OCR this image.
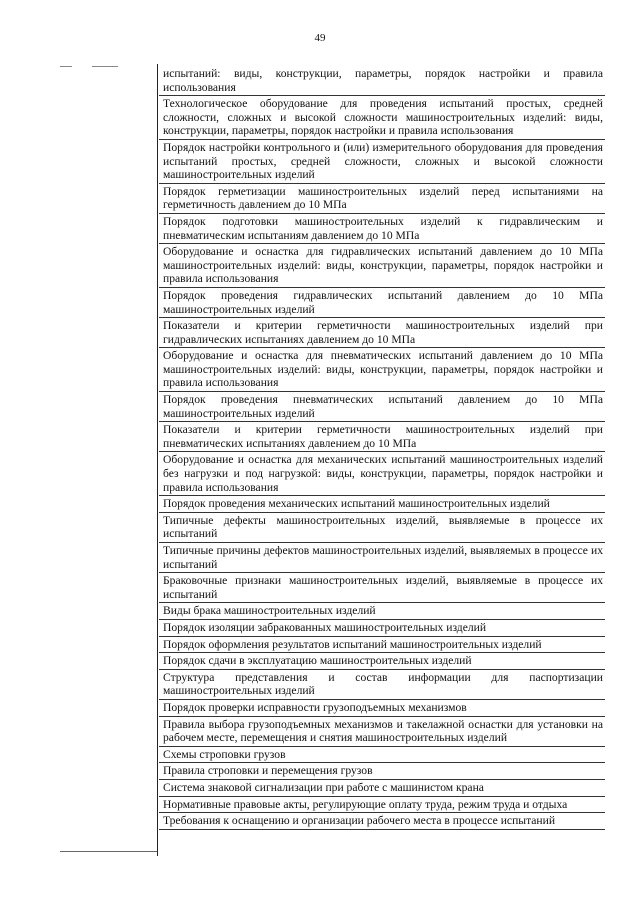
49
испытаний: виды, конструкции, параметры, порядок настройки и правила использования
Технологическое оборудование для проведения испытаний простых, средней сложности, сложных и высокой сложности машиностроительных изделий: виды, конструкции, параметры, порядок настройки и правила использования
Порядок настройки контрольного и (или) измерительного оборудования для проведения испытаний простых, средней сложности, сложных и высокой сложности машиностроительных изделий
Порядок герметизации машиностроительных изделий перед испытаниями на герметичность давлением до 10 МПа
Порядок подготовки машиностроительных изделий к гидравлическим и пневматическим испытаниям давлением до 10 МПа
Оборудование и оснастка для гидравлических испытаний давлением до 10 МПа машиностроительных изделий: виды, конструкции, параметры, порядок настройки и правила использования
Порядок проведения гидравлических испытаний давлением до 10 МПа машиностроительных изделий
Показатели и критерии герметичности машиностроительных изделий при гидравлических испытаниях давлением до 10 МПа
Оборудование и оснастка для пневматических испытаний давлением до 10 МПа машиностроительных изделий: виды, конструкции, параметры, порядок настройки и правила использования
Порядок проведения пневматических испытаний давлением до 10 МПа машиностроительных изделий
Показатели и критерии герметичности машиностроительных изделий при пневматических испытаниях давлением до 10 МПа
Оборудование и оснастка для механических испытаний машиностроительных изделий без нагрузки и под нагрузкой: виды, конструкции, параметры, порядок настройки и правила использования
Порядок проведения механических испытаний машиностроительных изделий
Типичные дефекты машиностроительных изделий, выявляемые в процессе их испытаний
Типичные причины дефектов машиностроительных изделий, выявляемых в процессе их испытаний
Браковочные признаки машиностроительных изделий, выявляемые в процессе их испытаний
Виды брака машиностроительных изделий
Порядок изоляции забракованных машиностроительных изделий
Порядок оформления результатов испытаний машиностроительных изделий
Порядок сдачи в эксплуатацию машиностроительных изделий
Структура представления и состав информации для паспортизации машиностроительных изделий
Порядок проверки исправности грузоподъемных механизмов
Правила выбора грузоподъемных механизмов и такелажной оснастки для установки на рабочем месте, перемещения и снятия машиностроительных изделий
Схемы строповки грузов
Правила строповки и перемещения грузов
Система знаковой сигнализации при работе с машинистом крана
Нормативные правовые акты, регулирующие оплату труда, режим труда и отдыха
Требования к оснащению и организации рабочего места в процессе испытаний
